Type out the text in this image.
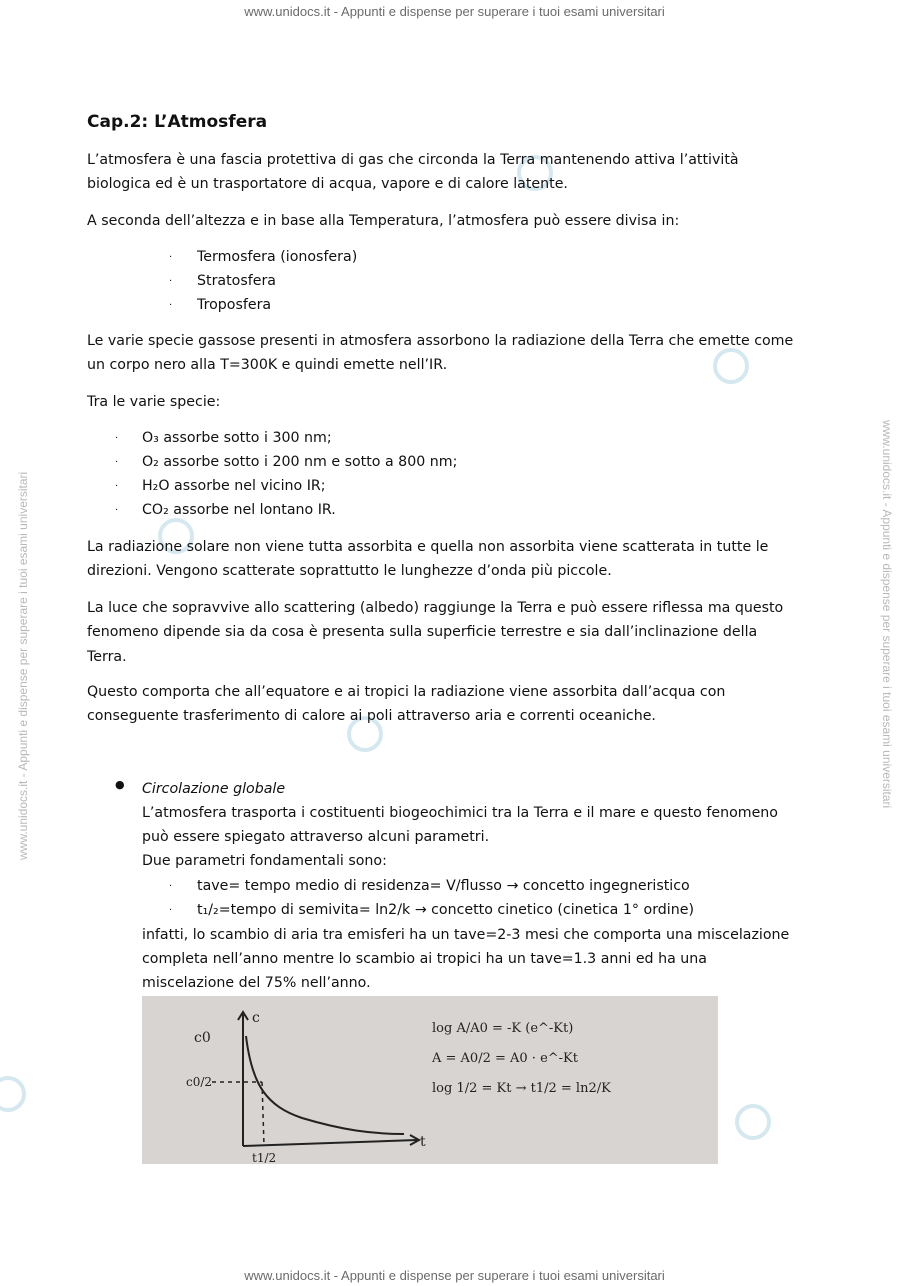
www.unidocs.it - Appunti e dispense per superare i tuoi esami universitari
www.unidocs.it - Appunti e dispense per superare i tuoi esami universitari
www.unidocs.it - Appunti e dispense per superare i tuoi esami universitari	www.unidocs.it - Appunti e dispense per superare i tuoi esami universitari
Cap.2: L’Atmosfera
L’atmosfera è una fascia protettiva di gas che circonda la Terra mantenendo attiva l’attività
biologica ed è un trasportatore di acqua, vapore e di calore latente.
A seconda dell’altezza e in base alla Temperatura, l’atmosfera può essere divisa in:
· Termosfera (ionosfera)
· Stratosfera
· Troposfera
Le varie specie gassose presenti in atmosfera assorbono la radiazione della Terra che emette come
un corpo nero alla T=300K e quindi emette nell’IR.
Tra le varie specie:
· O₃ assorbe sotto i 300 nm;
· O₂ assorbe sotto i 200 nm e sotto a 800 nm;
· H₂O assorbe nel vicino IR;
· CO₂ assorbe nel lontano IR.
La radiazione solare non viene tutta assorbita e quella non assorbita viene scatterata in tutte le
direzioni. Vengono scatterate soprattutto le lunghezze d’onda più piccole.
La luce che sopravvive allo scattering (albedo) raggiunge la Terra e può essere riflessa ma questo
fenomeno dipende sia da cosa è presenta sulla superficie terrestre e sia dall’inclinazione della
Terra.
Questo comporta che all’equatore e ai tropici la radiazione viene assorbita dall’acqua con
conseguente trasferimento di calore ai poli attraverso aria e correnti oceaniche.
● Circolazione globale
L’atmosfera trasporta i costituenti biogeochimici tra la Terra e il mare e questo fenomeno
può essere spiegato attraverso alcuni parametri.
Due parametri fondamentali sono:
· tave= tempo medio di residenza= V/flusso → concetto ingegneristico
· t₁/₂=tempo di semivita= ln2/k → concetto cinetico (cinetica 1° ordine)
infatti, lo scambio di aria tra emisferi ha un tave=2-3 mesi che comporta una miscelazione
completa nell’anno mentre lo scambio ai tropici ha un tave=1.3 anni ed ha una
miscelazione del 75% nell’anno.
c
t
c0
c0/2
t1/2
log A/A0 = -K (e^-Kt)
A = A0/2 = A0 · e^-Kt
log 1/2 = Kt → t1/2 = ln2/K
